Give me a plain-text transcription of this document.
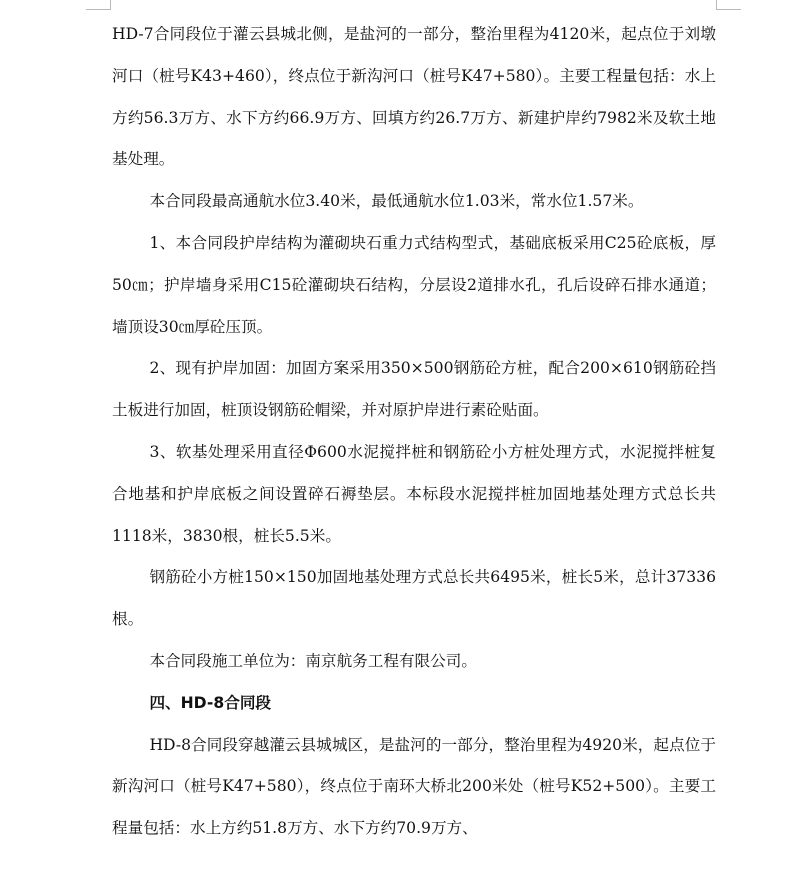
HD-7合同段位于灌云县城北侧，是盐河的一部分，整治里程为4120米，起点位于刘墩河口（桩号K43+460），终点位于新沟河口（桩号K47+580）。主要工程量包括：水上方约56.3万方、水下方约66.9万方、回填方约26.7万方、新建护岸约7982米及软土地基处理。

本合同段最高通航水位3.40米，最低通航水位1.03米，常水位1.57米。

1、本合同段护岸结构为灌砌块石重力式结构型式，基础底板采用C25砼底板，厚50㎝；护岸墙身采用C15砼灌砌块石结构，分层设2道排水孔，孔后设碎石排水通道；墙顶设30㎝厚砼压顶。

2、现有护岸加固：加固方案采用350×500钢筋砼方桩，配合200×610钢筋砼挡土板进行加固，桩顶设钢筋砼帽梁，并对原护岸进行素砼贴面。

3、软基处理采用直径Φ600水泥搅拌桩和钢筋砼小方桩处理方式，水泥搅拌桩复合地基和护岸底板之间设置碎石褥垫层。本标段水泥搅拌桩加固地基处理方式总长共1118米，3830根，桩长5.5米。

钢筋砼小方桩150×150加固地基处理方式总长共6495米，桩长5米，总计37336根。

本合同段施工单位为：南京航务工程有限公司。

四、HD-8合同段

HD-8合同段穿越灌云县城城区，是盐河的一部分，整治里程为4920米，起点位于新沟河口（桩号K47+580），终点位于南环大桥北200米处（桩号K52+500）。主要工程量包括：水上方约51.8万方、水下方约70.9万方、
